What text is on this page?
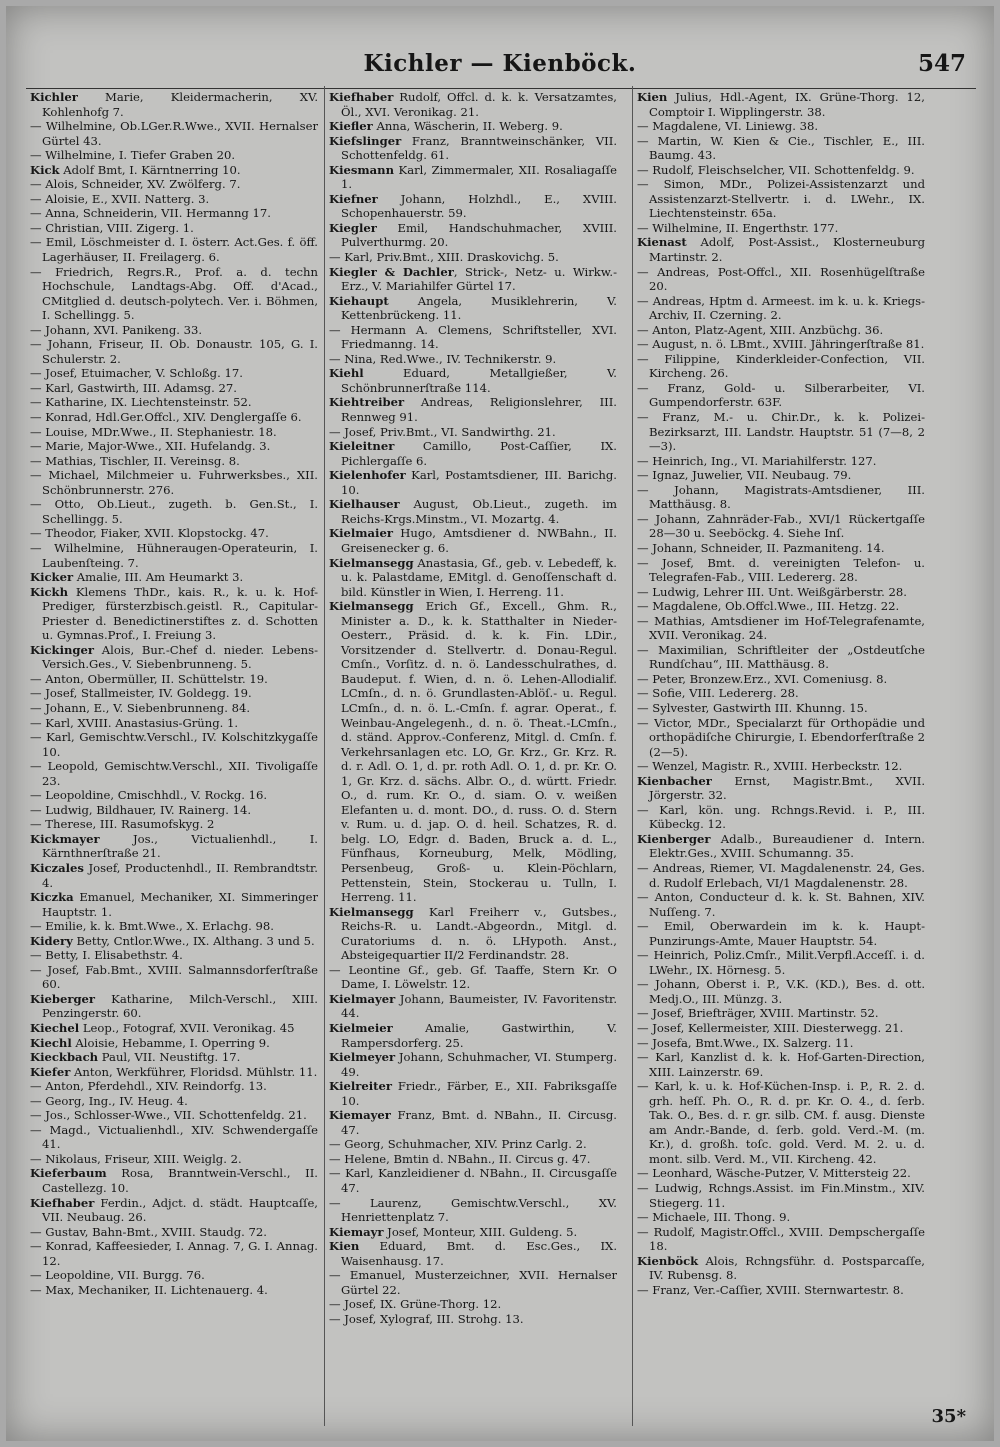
Kichler — Kienböck.	547
Kichler Marie, Kleidermacherin, XV. Kohlenhofg 7.
— Wilhelmine, Ob.LGer.R.Wwe., XVII. Hernalser Gürtel 43.
— Wilhelmine, I. Tiefer Graben 20.
Kick Adolf Bmt, I. Kärntnerring 10.
— Alois, Schneider, XV. Zwölferg. 7.
— Aloisie, E., XVII. Natterg. 3.
— Anna, Schneiderin, VII. Hermanng 17.
— Christian, VIII. Zigerg. 1.
— Emil, Löschmeister d. I. österr. Act.Ges. f. öff. Lagerhäuser, II. Freilagerg. 6.
— Friedrich, Regrs.R., Prof. a. d. techn Hochschule, Landtags-Abg. Off. d'Acad., CMitglied d. deutsch-polytech. Ver. i. Böhmen, I. Schellingg. 5.
— Johann, XVI. Panikeng. 33.
— Johann, Friseur, II. Ob. Donaustr. 105, G. I. Schulerstr. 2.
— Josef, Etuimacher, V. Schloßg. 17.
— Karl, Gastwirth, III. Adamsg. 27.
— Katharine, IX. Liechtensteinstr. 52.
— Konrad, Hdl.Ger.Offcl., XIV. Denglergaſſe 6.
— Louise, MDr.Wwe., II. Stephaniestr. 18.
— Marie, Major-Wwe., XII. Hufelandg. 3.
— Mathias, Tischler, II. Vereinsg. 8.
— Michael, Milchmeier u. Fuhrwerksbes., XII. Schönbrunnerstr. 276.
— Otto, Ob.Lieut., zugeth. b. Gen.St., I. Schellingg. 5.
— Theodor, Fiaker, XVII. Klopstockg. 47.
— Wilhelmine, Hühneraugen-Operateurin, I. Laubenſteing. 7.
Kicker Amalie, III. Am Heumarkt 3.
Kickh Klemens ThDr., kais. R., k. u. k. Hof-Prediger, fürsterzbisch.geistl. R., Capitular-Priester d. Benedictinerstiftes z. d. Schotten u. Gymnas.Prof., I. Freiung 3.
Kickinger Alois, Bur.-Chef d. nieder. Lebens-Versich.Ges., V. Siebenbrunneng. 5.
— Anton, Obermüller, II. Schüttelstr. 19.
— Josef, Stallmeister, IV. Goldegg. 19.
— Johann, E., V. Siebenbrunneng. 84.
— Karl, XVIII. Anastasius-Grüng. 1.
— Karl, Gemischtw.Verschl., IV. Kolschitzkygaſſe 10.
— Leopold, Gemischtw.Verschl., XII. Tivoligaſſe 23.
— Leopoldine, Cmischhdl., V. Rockg. 16.
— Ludwig, Bildhauer, IV. Rainerg. 14.
— Therese, III. Rasumofskyg. 2
Kickmayer Jos., Victualienhdl., I. Kärnthnerſtraße 21.
Kiczales Josef, Productenhdl., II. Rembrandtstr. 4.
Kiczka Emanuel, Mechaniker, XI. Simmeringer Hauptstr. 1.
— Emilie, k. k. Bmt.Wwe., X. Erlachg. 98.
Kidery Betty, Cntlor.Wwe., IX. Althang. 3 und 5.
— Betty, I. Elisabethstr. 4.
— Josef, Fab.Bmt., XVIII. Salmannsdorferſtraße 60.
Kieberger Katharine, Milch-Verschl., XIII. Penzingerstr. 60.
Kiechel Leop., Fotograf, XVII. Veronikag. 45
Kiechl Aloisie, Hebamme, I. Operring 9.
Kieckbach Paul, VII. Neustiftg. 17.
Kiefer Anton, Werkführer, Floridsd. Mühlstr. 11.
— Anton, Pferdehdl., XIV. Reindorfg. 13.
— Georg, Ing., IV. Heug. 4.
— Jos., Schlosser-Wwe., VII. Schottenfeldg. 21.
— Magd., Victualienhdl., XIV. Schwendergaſſe 41.
— Nikolaus, Friseur, XIII. Weiglg. 2.
Kieferbaum Rosa, Branntwein-Verschl., II. Castellezg. 10.
Kiefhaber Ferdin., Adjct. d. städt. Hauptcaſſe, VII. Neubaug. 26.
— Gustav, Bahn-Bmt., XVIII. Staudg. 72.
— Konrad, Kaffeesieder, I. Annag. 7, G. I. Annag. 12.
— Leopoldine, VII. Burgg. 76.
— Max, Mechaniker, II. Lichtenauerg. 4.
Kiefhaber Rudolf, Offcl. d. k. k. Versatzamtes, Öl., XVI. Veronikag. 21.
Kiefler Anna, Wäscherin, II. Weberg. 9.
Kiefslinger Franz, Branntweinschänker, VII. Schottenfeldg. 61.
Kiesmann Karl, Zimmermaler, XII. Rosaliagaſſe 1.
Kiefner Johann, Holzhdl., E., XVIII. Schopenhauerstr. 59.
Kiegler Emil, Handschuhmacher, XVIII. Pulverthurmg. 20.
— Karl, Priv.Bmt., XIII. Draskovichg. 5.
Kiegler & Dachler, Strick-, Netz- u. Wirkw.-Erz., V. Mariahilfer Gürtel 17.
Kiehaupt Angela, Musiklehrerin, V. Kettenbrückeng. 11.
— Hermann A. Clemens, Schriftsteller, XVI. Friedmanng. 14.
— Nina, Red.Wwe., IV. Technikerstr. 9.
Kiehl Eduard, Metallgießer, V. Schönbrunnerſtraße 114.
Kiehtreiber Andreas, Religionslehrer, III. Rennweg 91.
— Josef, Priv.Bmt., VI. Sandwirthg. 21.
Kieleitner Camillo, Post-Caſſier, IX. Pichlergaſſe 6.
Kielenhofer Karl, Postamtsdiener, III. Barichg. 10.
Kielhauser August, Ob.Lieut., zugeth. im Reichs-Krgs.Minstm., VI. Mozartg. 4.
Kielmaier Hugo, Amtsdiener d. NWBahn., II. Greisenecker g. 6.
Kielmansegg Anastasia, Gf., geb. v. Lebedeff, k. u. k. Palastdame, EMitgl. d. Genoſſenschaft d. bild. Künstler in Wien, I. Herreng. 11.
Kielmansegg Erich Gf., Excell., Ghm. R., Minister a. D., k. k. Statthalter in Nieder-Oesterr., Präsid. d. k. k. Fin. LDir., Vorsitzender d. Stellvertr. d. Donau-Regul. Cmſn., Vorſitz. d. n. ö. Landesschulrathes, d. Baudeput. f. Wien, d. n. ö. Lehen-Allodialif. LCmſn., d. n. ö. Grundlasten-Ablöſ.- u. Regul. LCmſn., d. n. ö. L.-Cmſn. f. agrar. Operat., f. Weinbau-Angelegenh., d. n. ö. Theat.-LCmſn., d. ständ. Approv.-Conferenz, Mitgl. d. Cmſn. f. Verkehrsanlagen etc. LO, Gr. Krz., Gr. Krz. R. d. r. Adl. O. 1, d. pr. roth Adl. O. 1, d. pr. Kr. O. 1, Gr. Krz. d. sächs. Albr. O., d. württ. Friedr. O., d. rum. Kr. O., d. siam. O. v. weißen Elefanten u. d. mont. DO., d. russ. O. d. Stern v. Rum. u. d. jap. O. d. heil. Schatzes, R. d. belg. LO, Edgr. d. Baden, Bruck a. d. L., Fünfhaus, Korneuburg, Melk, Mödling, Persenbeug, Groß- u. Klein-Pöchlarn, Pettenstein, Stein, Stockerau u. Tulln, I. Herreng. 11.
Kielmansegg Karl Freiherr v., Gutsbes., Reichs-R. u. Landt.-Abgeordn., Mitgl. d. Curatoriums d. n. ö. LHypoth. Anst., Absteigequartier II/2 Ferdinandstr. 28.
— Leontine Gf., geb. Gf. Taaffe, Stern Kr. O Dame, I. Löwelstr. 12.
Kielmayer Johann, Baumeister, IV. Favoritenstr. 44.
Kielmeier Amalie, Gastwirthin, V. Rampersdorferg. 25.
Kielmeyer Johann, Schuhmacher, VI. Stumperg. 49.
Kielreiter Friedr., Färber, E., XII. Fabriksgaſſe 10.
Kiemayer Franz, Bmt. d. NBahn., II. Circusg. 47.
— Georg, Schuhmacher, XIV. Prinz Carlg. 2.
— Helene, Bmtin d. NBahn., II. Circus g. 47.
— Karl, Kanzleidiener d. NBahn., II. Circusgaſſe 47.
— Laurenz, Gemischtw.Verschl., XV. Henriettenplatz 7.
Kiemayr Josef, Monteur, XIII. Guldeng. 5.
Kien Eduard, Bmt. d. Esc.Ges., IX. Waisenhausg. 17.
— Emanuel, Musterzeichner, XVII. Hernalser Gürtel 22.
— Josef, IX. Grüne-Thorg. 12.
— Josef, Xylograf, III. Strohg. 13.
Kien Julius, Hdl.-Agent, IX. Grüne-Thorg. 12, Comptoir I. Wipplingerstr. 38.
— Magdalene, VI. Liniewg. 38.
— Martin, W. Kien & Cie., Tischler, E., III. Baumg. 43.
— Rudolf, Fleischselcher, VII. Schottenfeldg. 9.
— Simon, MDr., Polizei-Assistenzarzt und Assistenzarzt-Stellvertr. i. d. LWehr., IX. Liechtensteinstr. 65a.
— Wilhelmine, II. Engerthstr. 177.
Kienast Adolf, Post-Assist., Klosterneuburg Martinstr. 2.
— Andreas, Post-Offcl., XII. Rosenhügelſtraße 20.
— Andreas, Hptm d. Armeest. im k. u. k. Kriegs-Archiv, II. Czerning. 2.
— Anton, Platz-Agent, XIII. Anzbüchg. 36.
— August, n. ö. LBmt., XVIII. Jähringerſtraße 81.
— Filippine, Kinderkleider-Confection, VII. Kircheng. 26.
— Franz, Gold- u. Silberarbeiter, VI. Gumpendorferstr. 63F.
— Franz, M.- u. Chir.Dr., k. k. Polizei-Bezirksarzt, III. Landstr. Hauptstr. 51 (7—8, 2—3).
— Heinrich, Ing., VI. Mariahilferstr. 127.
— Ignaz, Juwelier, VII. Neubaug. 79.
— Johann, Magistrats-Amtsdiener, III. Matthäusg. 8.
— Johann, Zahnräder-Fab., XVI/1 Rückertgaſſe 28—30 u. Seeböckg. 4. Siehe Inſ.
— Johann, Schneider, II. Pazmaniteng. 14.
— Josef, Bmt. d. vereinigten Telefon- u. Telegrafen-Fab., VIII. Ledererg. 28.
— Ludwig, Lehrer III. Unt. Weißgärberstr. 28.
— Magdalene, Ob.Offcl.Wwe., III. Hetzg. 22.
— Mathias, Amtsdiener im Hof-Telegrafenamte, XVII. Veronikag. 24.
— Maximilian, Schriftleiter der „Ostdeutſche Rundſchau“, III. Matthäusg. 8.
— Peter, Bronzew.Erz., XVI. Comeniusg. 8.
— Sofie, VIII. Ledererg. 28.
— Sylvester, Gastwirth III. Khunng. 15.
— Victor, MDr., Specialarzt für Orthopädie und orthopädiſche Chirurgie, I. Ebendorferſtraße 2 (2—5).
— Wenzel, Magistr. R., XVIII. Herbeckstr. 12.
Kienbacher Ernst, Magistr.Bmt., XVII. Jörgerstr. 32.
— Karl, kön. ung. Rchngs.Revid. i. P., III. Kübeckg. 12.
Kienberger Adalb., Bureaudiener d. Intern. Elektr.Ges., XVIII. Schumanng. 35.
— Andreas, Riemer, VI. Magdalenenstr. 24, Ges. d. Rudolf Erlebach, VI/1 Magdalenenstr. 28.
— Anton, Conducteur d. k. k. St. Bahnen, XIV. Nuſſeng. 7.
— Emil, Oberwardein im k. k. Haupt-Punzirungs-Amte, Mauer Hauptstr. 54.
— Heinrich, Poliz.Cmſr., Milit.Verpfl.Acceſſ. i. d. LWehr., IX. Hörnesg. 5.
— Johann, Oberst i. P., V.K. (KD.), Bes. d. ott. Medj.O., III. Münzg. 3.
— Josef, Briefträger, XVIII. Martinstr. 52.
— Josef, Kellermeister, XIII. Diesterwegg. 21.
— Josefa, Bmt.Wwe., IX. Salzerg. 11.
— Karl, Kanzlist d. k. k. Hof-Garten-Direction, XIII. Lainzerstr. 69.
— Karl, k. u. k. Hof-Küchen-Insp. i. P., R. 2. d. grh. heſſ. Ph. O., R. d. pr. Kr. O. 4., d. ſerb. Tak. O., Bes. d. r. gr. silb. CM. f. ausg. Dienste am Andr.-Bande, d. ſerb. gold. Verd.-M. (m. Kr.), d. großh. toſc. gold. Verd. M. 2. u. d. mont. silb. Verd. M., VII. Kircheng. 42.
— Leonhard, Wäsche-Putzer, V. Mittersteig 22.
— Ludwig, Rchngs.Assist. im Fin.Minstm., XIV. Stiegerg. 11.
— Michaele, III. Thong. 9.
— Rudolf, Magistr.Offcl., XVIII. Dempschergaſſe 18.
Kienböck Alois, Rchngsführ. d. Postsparcaſſe, IV. Rubensg. 8.
— Franz, Ver.-Caſſier, XVIII. Sternwartestr. 8.
35*
